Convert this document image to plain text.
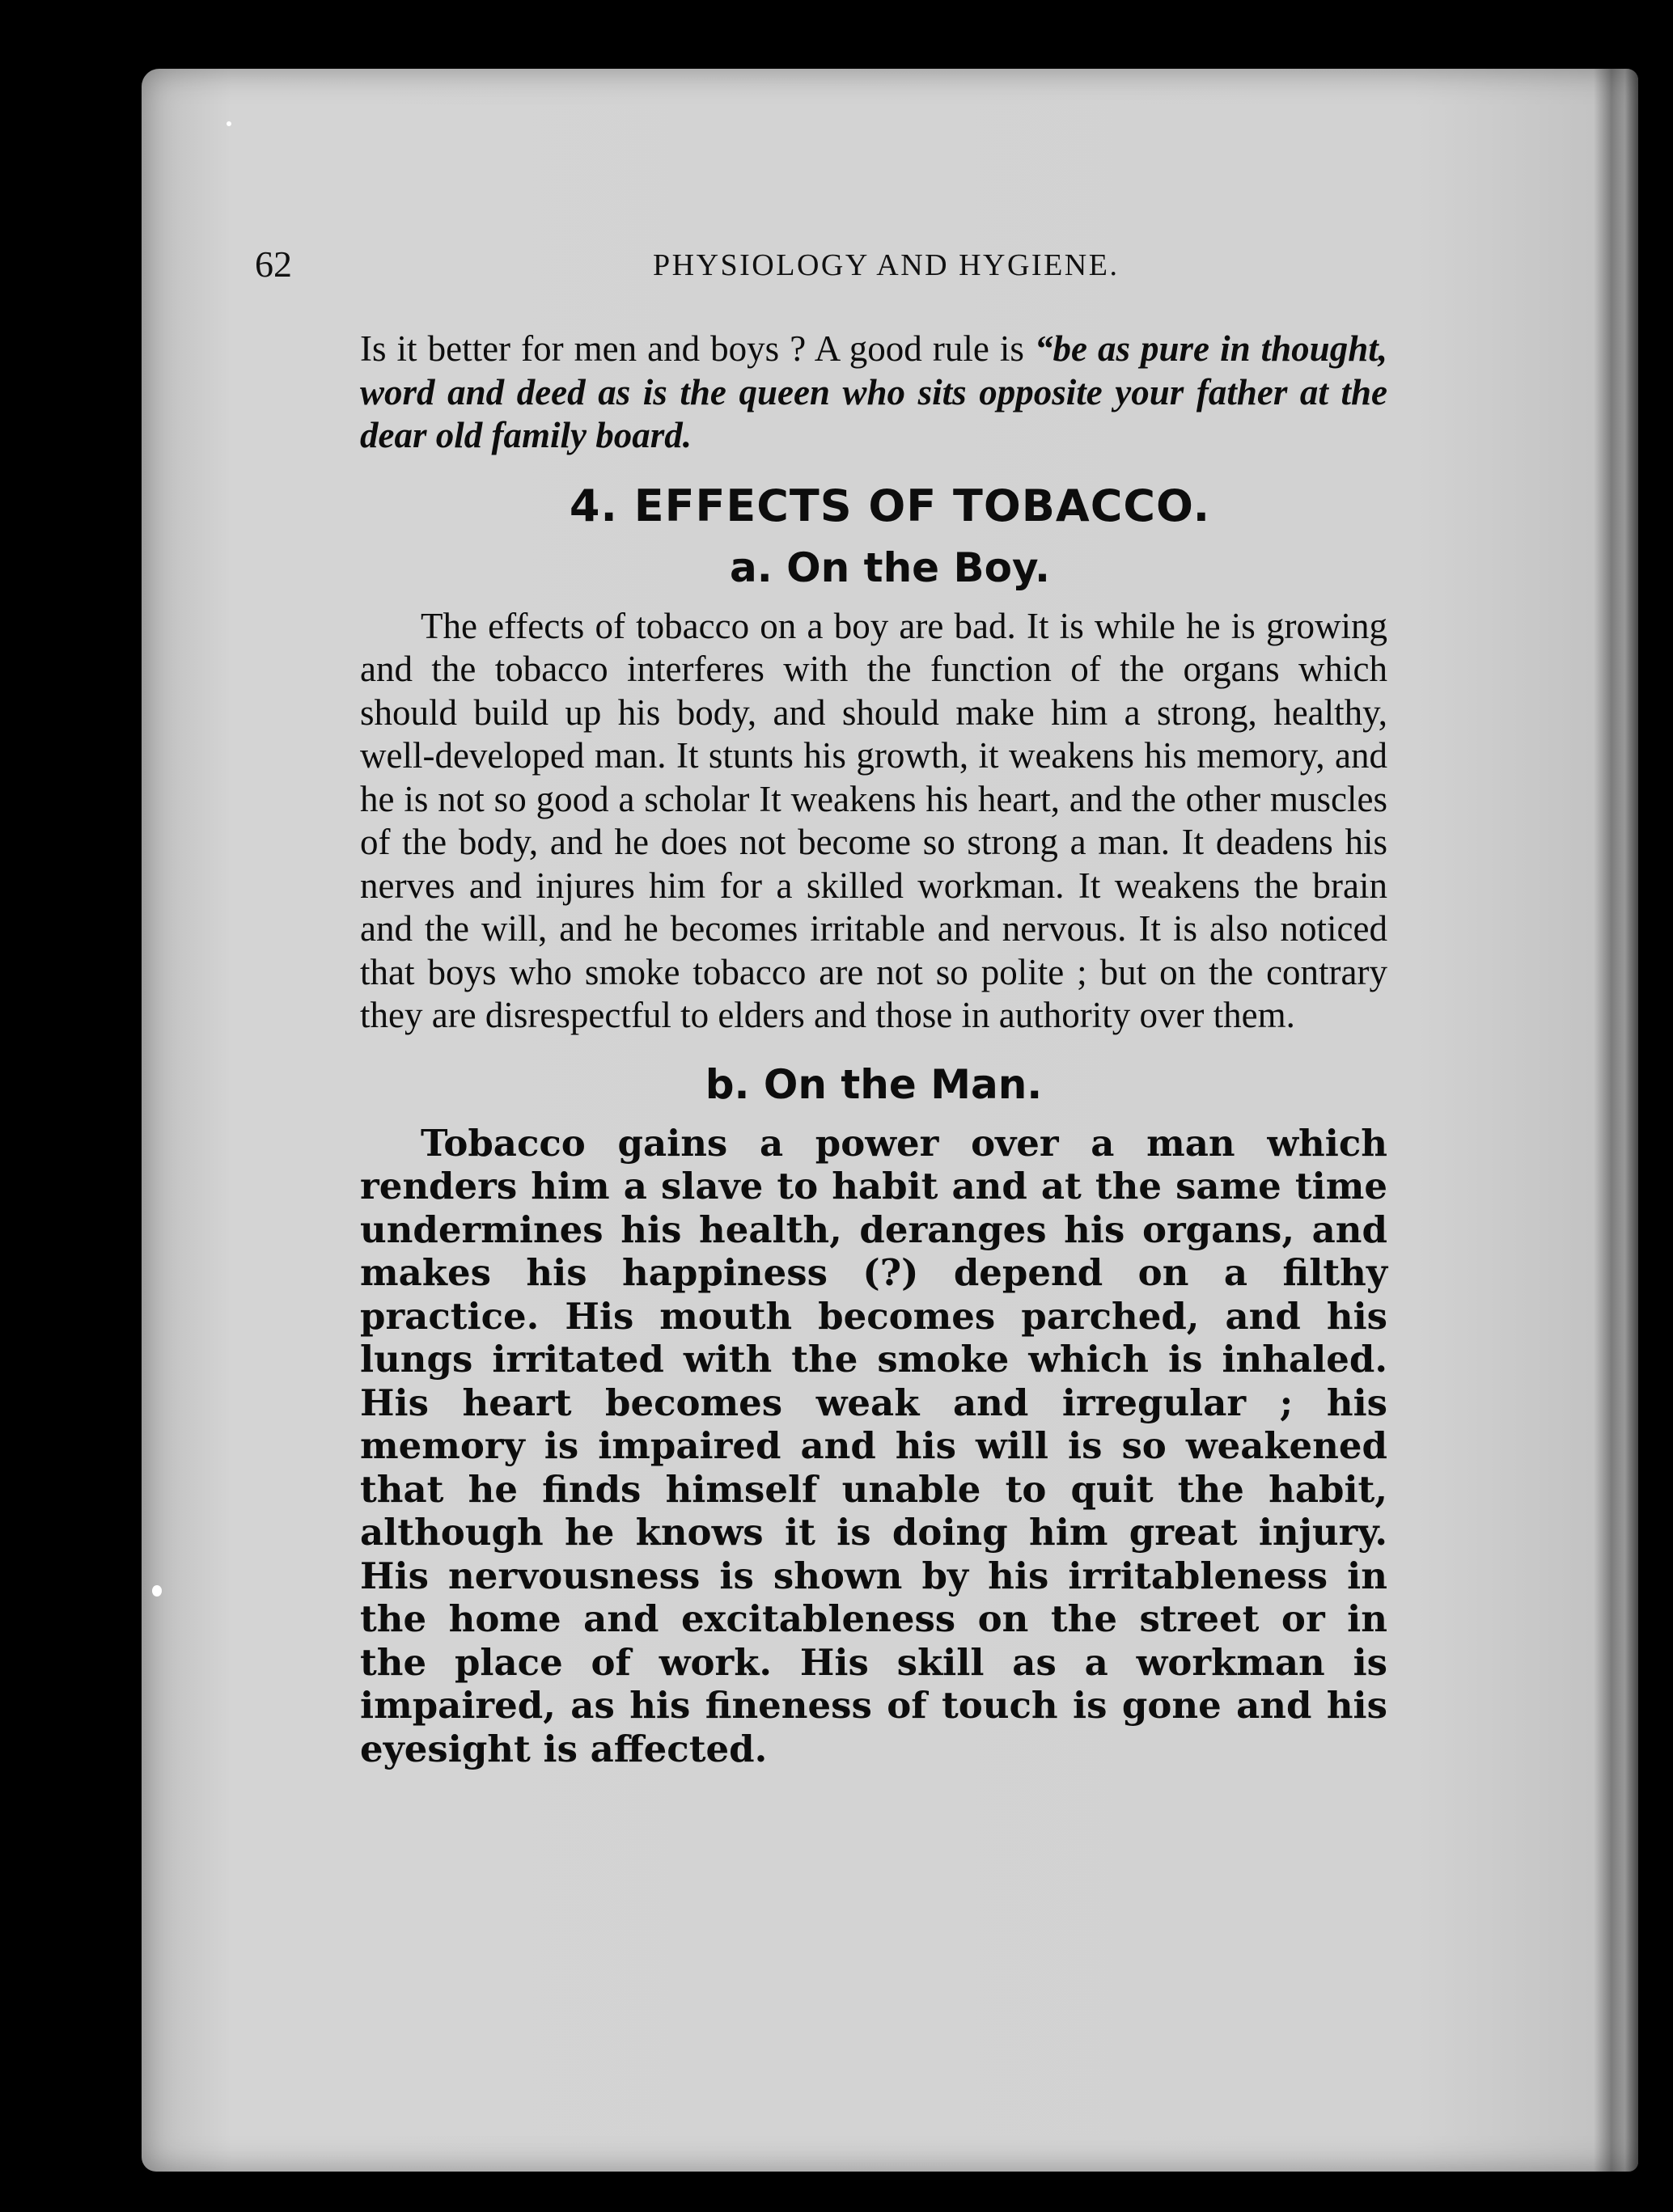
62	PHYSIOLOGY AND HYGIENE.

Is it better for men and boys ? A good rule is “be as pure in thought, word and deed as is the queen who sits opposite your father at the dear old family board.

4. EFFECTS OF TOBACCO.
a. On the Boy.

The effects of tobacco on a boy are bad. It is while he is growing and the tobacco interferes with the function of the organs which should build up his body, and should make him a strong, healthy, well-developed man. It stunts his growth, it weakens his memory, and he is not so good a scholar It weakens his heart, and the other muscles of the body, and he does not become so strong a man. It deadens his nerves and injures him for a skilled workman. It weakens the brain and the will, and he becomes irritable and nervous. It is also noticed that boys who smoke tobacco are not so polite ; but on the contrary they are disrespectful to elders and those in authority over them.

b. On the Man.

Tobacco gains a power over a man which renders him a slave to habit and at the same time undermines his health, deranges his organs, and makes his happiness (?) depend on a filthy practice. His mouth becomes parched, and his lungs irritated with the smoke which is inhaled. His heart becomes weak and irregular ; his memory is impaired and his will is so weakened that he finds himself unable to quit the habit, although he knows it is doing him great injury. His nervousness is shown by his irritableness in the home and excitableness on the street or in the place of work. His skill as a workman is impaired, as his fineness of touch is gone and his eyesight is affected.
